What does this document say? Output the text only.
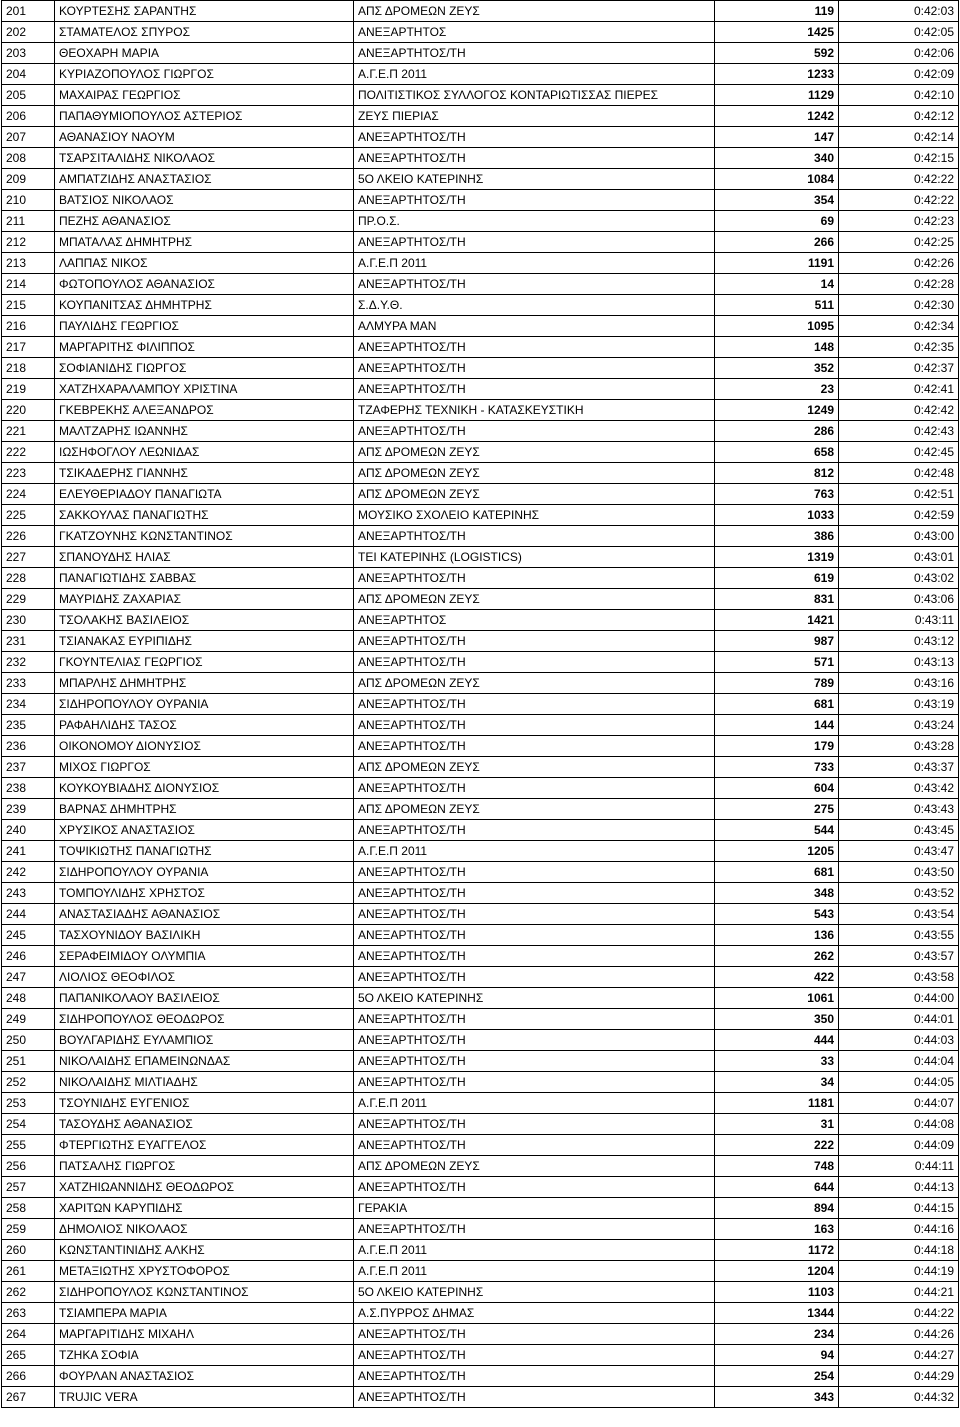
201	ΚΟΥΡΤΕΣΗΣ ΣΑΡΑΝΤΗΣ	ΑΠΣ ΔΡΟΜΕΩΝ ΖΕΥΣ	119	0:42:03
202	ΣΤΑΜΑΤΕΛΟΣ ΣΠΥΡΟΣ	ΑΝΕΞΑΡΤΗΤΟΣ	1425	0:42:05
203	ΘΕΟΧΑΡΗ ΜΑΡΙΑ	ΑΝΕΞΑΡΤΗΤΟΣ/ΤΗ	592	0:42:06
204	ΚΥΡΙΑΖΟΠΟΥΛΟΣ ΓΙΩΡΓΟΣ	Α.Γ.Ε.Π 2011	1233	0:42:09
205	ΜΑΧΑΙΡΑΣ ΓΕΩΡΓΙΟΣ	ΠΟΛΙΤΙΣΤΙΚΟΣ ΣΥΛΛΟΓΟΣ ΚΟΝΤΑΡΙΩΤΙΣΣΑΣ ΠΙΕΡΕΣ	1129	0:42:10
206	ΠΑΠΑΘΥΜΙΟΠΟΥΛΟΣ ΑΣΤΕΡΙΟΣ	ΖΕΥΣ ΠΙΕΡΙΑΣ	1242	0:42:12
207	ΑΘΑΝΑΣΙΟΥ ΝΑΟΥΜ	ΑΝΕΞΑΡΤΗΤΟΣ/ΤΗ	147	0:42:14
208	ΤΣΑΡΣΙΤΑΛΙΔΗΣ ΝΙΚΟΛΑΟΣ	ΑΝΕΞΑΡΤΗΤΟΣ/ΤΗ	340	0:42:15
209	ΑΜΠΑΤΖΙΔΗΣ ΑΝΑΣΤΑΣΙΟΣ	5Ο ΛΚΕΙΟ ΚΑΤΕΡΙΝΗΣ	1084	0:42:22
210	ΒΑΤΣΙΟΣ ΝΙΚΟΛΑΟΣ	ΑΝΕΞΑΡΤΗΤΟΣ/ΤΗ	354	0:42:22
211	ΠΕΖΗΣ ΑΘΑΝΑΣΙΟΣ	ΠΡ.Ο.Σ.	69	0:42:23
212	ΜΠΑΤΑΛΑΣ ΔΗΜΗΤΡΗΣ	ΑΝΕΞΑΡΤΗΤΟΣ/ΤΗ	266	0:42:25
213	ΛΑΠΠΑΣ ΝΙΚΟΣ	Α.Γ.Ε.Π 2011	1191	0:42:26
214	ΦΩΤΟΠΟΥΛΟΣ ΑΘΑΝΑΣΙΟΣ	ΑΝΕΞΑΡΤΗΤΟΣ/ΤΗ	14	0:42:28
215	ΚΟΥΠΑΝΙΤΣΑΣ ΔΗΜΗΤΡΗΣ	Σ.Δ.Υ.Θ.	511	0:42:30
216	ΠΑΥΛΙΔΗΣ ΓΕΩΡΓΙΟΣ	ΑΛΜΥΡΑ ΜΑΝ	1095	0:42:34
217	ΜΑΡΓΑΡΙΤΗΣ ΦΙΛΙΠΠΟΣ	ΑΝΕΞΑΡΤΗΤΟΣ/ΤΗ	148	0:42:35
218	ΣΟΦΙΑΝΙΔΗΣ ΓΙΩΡΓΟΣ	ΑΝΕΞΑΡΤΗΤΟΣ/ΤΗ	352	0:42:37
219	ΧΑΤΖΗΧΑΡΑΛΑΜΠΟΥ ΧΡΙΣΤΙΝΑ	ΑΝΕΞΑΡΤΗΤΟΣ/ΤΗ	23	0:42:41
220	ΓΚΕΒΡΕΚΗΣ ΑΛΕΞΑΝΔΡΟΣ	ΤΖΑΦΕΡΗΣ ΤΕΧΝΙΚΗ - ΚΑΤΑΣΚΕΥΣΤΙΚΗ	1249	0:42:42
221	ΜΑΛΤΖΑΡΗΣ ΙΩΑΝΝΗΣ	ΑΝΕΞΑΡΤΗΤΟΣ/ΤΗ	286	0:42:43
222	ΙΩΣΗΦΟΓΛΟΥ ΛΕΩΝΙΔΑΣ	ΑΠΣ ΔΡΟΜΕΩΝ ΖΕΥΣ	658	0:42:45
223	ΤΣΙΚΑΔΕΡΗΣ ΓΙΑΝΝΗΣ	ΑΠΣ ΔΡΟΜΕΩΝ ΖΕΥΣ	812	0:42:48
224	ΕΛΕΥΘΕΡΙΑΔΟΥ ΠΑΝΑΓΙΩΤΑ	ΑΠΣ ΔΡΟΜΕΩΝ ΖΕΥΣ	763	0:42:51
225	ΣΑΚΚΟΥΛΑΣ ΠΑΝΑΓΙΩΤΗΣ	ΜΟΥΣΙΚΟ ΣΧΟΛΕΙΟ ΚΑΤΕΡΙΝΗΣ	1033	0:42:59
226	ΓΚΑΤΖΟΥΝΗΣ ΚΩΝΣΤΑΝΤΙΝΟΣ	ΑΝΕΞΑΡΤΗΤΟΣ/ΤΗ	386	0:43:00
227	ΣΠΑΝΟΥΔΗΣ ΗΛΙΑΣ	ΤΕΙ ΚΑΤΕΡΙΝΗΣ (LOGISTICS)	1319	0:43:01
228	ΠΑΝΑΓΙΩΤΙΔΗΣ ΣΑΒΒΑΣ	ΑΝΕΞΑΡΤΗΤΟΣ/ΤΗ	619	0:43:02
229	ΜΑΥΡΙΔΗΣ ΖΑΧΑΡΙΑΣ	ΑΠΣ ΔΡΟΜΕΩΝ ΖΕΥΣ	831	0:43:06
230	ΤΣΟΛΑΚΗΣ ΒΑΣΙΛΕΙΟΣ	ΑΝΕΞΑΡΤΗΤΟΣ	1421	0:43:11
231	ΤΣΙΑΝΑΚΑΣ ΕΥΡΙΠΙΔΗΣ	ΑΝΕΞΑΡΤΗΤΟΣ/ΤΗ	987	0:43:12
232	ΓΚΟΥΝΤΕΛΙΑΣ ΓΕΩΡΓΙΟΣ	ΑΝΕΞΑΡΤΗΤΟΣ/ΤΗ	571	0:43:13
233	ΜΠΑΡΛΗΣ ΔΗΜΗΤΡΗΣ	ΑΠΣ ΔΡΟΜΕΩΝ ΖΕΥΣ	789	0:43:16
234	ΣΙΔΗΡΟΠΟΥΛΟΥ ΟΥΡΑΝΙΑ	ΑΝΕΞΑΡΤΗΤΟΣ/ΤΗ	681	0:43:19
235	ΡΑΦΑΗΛΙΔΗΣ ΤΑΣΟΣ	ΑΝΕΞΑΡΤΗΤΟΣ/ΤΗ	144	0:43:24
236	ΟΙΚΟΝΟΜΟΥ ΔΙΟΝΥΣΙΟΣ	ΑΝΕΞΑΡΤΗΤΟΣ/ΤΗ	179	0:43:28
237	ΜΙΧΟΣ ΓΙΩΡΓΟΣ	ΑΠΣ ΔΡΟΜΕΩΝ ΖΕΥΣ	733	0:43:37
238	ΚΟΥΚΟΥΒΙΑΔΗΣ ΔΙΟΝΥΣΙΟΣ	ΑΝΕΞΑΡΤΗΤΟΣ/ΤΗ	604	0:43:42
239	ΒΑΡΝΑΣ ΔΗΜΗΤΡΗΣ	ΑΠΣ ΔΡΟΜΕΩΝ ΖΕΥΣ	275	0:43:43
240	ΧΡΥΣΙΚΟΣ ΑΝΑΣΤΑΣΙΟΣ	ΑΝΕΞΑΡΤΗΤΟΣ/ΤΗ	544	0:43:45
241	ΤΟΨΙΚΙΩΤΗΣ ΠΑΝΑΓΙΩΤΗΣ	Α.Γ.Ε.Π 2011	1205	0:43:47
242	ΣΙΔΗΡΟΠΟΥΛΟΥ ΟΥΡΑΝΙΑ	ΑΝΕΞΑΡΤΗΤΟΣ/ΤΗ	681	0:43:50
243	ΤΟΜΠΟΥΛΙΔΗΣ ΧΡΗΣΤΟΣ	ΑΝΕΞΑΡΤΗΤΟΣ/ΤΗ	348	0:43:52
244	ΑΝΑΣΤΑΣΙΑΔΗΣ ΑΘΑΝΑΣΙΟΣ	ΑΝΕΞΑΡΤΗΤΟΣ/ΤΗ	543	0:43:54
245	ΤΑΣΧΟΥΝΙΔΟΥ ΒΑΣΙΛΙΚΗ	ΑΝΕΞΑΡΤΗΤΟΣ/ΤΗ	136	0:43:55
246	ΣΕΡΑΦΕΙΜΙΔΟΥ ΟΛΥΜΠΙΑ	ΑΝΕΞΑΡΤΗΤΟΣ/ΤΗ	262	0:43:57
247	ΛΙΟΛΙΟΣ ΘΕΟΦΙΛΟΣ	ΑΝΕΞΑΡΤΗΤΟΣ/ΤΗ	422	0:43:58
248	ΠΑΠΑΝΙΚΟΛΑΟΥ ΒΑΣΙΛΕΙΟΣ	5Ο ΛΚΕΙΟ ΚΑΤΕΡΙΝΗΣ	1061	0:44:00
249	ΣΙΔΗΡΟΠΟΥΛΟΣ ΘΕΟΔΩΡΟΣ	ΑΝΕΞΑΡΤΗΤΟΣ/ΤΗ	350	0:44:01
250	ΒΟΥΛΓΑΡΙΔΗΣ ΕΥΛΑΜΠΙΟΣ	ΑΝΕΞΑΡΤΗΤΟΣ/ΤΗ	444	0:44:03
251	ΝΙΚΟΛΑΙΔΗΣ ΕΠΑΜΕΙΝΩΝΔΑΣ	ΑΝΕΞΑΡΤΗΤΟΣ/ΤΗ	33	0:44:04
252	ΝΙΚΟΛΑΙΔΗΣ ΜΙΛΤΙΑΔΗΣ	ΑΝΕΞΑΡΤΗΤΟΣ/ΤΗ	34	0:44:05
253	ΤΣΟΥΝΙΔΗΣ ΕΥΓΕΝΙΟΣ	Α.Γ.Ε.Π 2011	1181	0:44:07
254	ΤΑΣΟΥΔΗΣ ΑΘΑΝΑΣΙΟΣ	ΑΝΕΞΑΡΤΗΤΟΣ/ΤΗ	31	0:44:08
255	ΦΤΕΡΓΙΩΤΗΣ ΕΥΑΓΓΕΛΟΣ	ΑΝΕΞΑΡΤΗΤΟΣ/ΤΗ	222	0:44:09
256	ΠΑΤΣΑΛΗΣ ΓΙΩΡΓΟΣ	ΑΠΣ ΔΡΟΜΕΩΝ ΖΕΥΣ	748	0:44:11
257	ΧΑΤΖΗΙΩΑΝΝΙΔΗΣ ΘΕΟΔΩΡΟΣ	ΑΝΕΞΑΡΤΗΤΟΣ/ΤΗ	644	0:44:13
258	ΧΑΡΙΤΩΝ ΚΑΡΥΠΙΔΗΣ	ΓΕΡΑΚΙΑ	894	0:44:15
259	ΔΗΜΟΛΙΟΣ ΝΙΚΟΛΑΟΣ	ΑΝΕΞΑΡΤΗΤΟΣ/ΤΗ	163	0:44:16
260	ΚΩΝΣΤΑΝΤΙΝΙΔΗΣ ΑΛΚΗΣ	Α.Γ.Ε.Π 2011	1172	0:44:18
261	ΜΕΤΑΞΙΩΤΗΣ ΧΡΥΣΤΟΦΟΡΟΣ	Α.Γ.Ε.Π 2011	1204	0:44:19
262	ΣΙΔΗΡΟΠΟΥΛΟΣ ΚΩΝΣΤΑΝΤΙΝΟΣ	5Ο ΛΚΕΙΟ ΚΑΤΕΡΙΝΗΣ	1103	0:44:21
263	ΤΣΙΑΜΠΕΡΑ ΜΑΡΙΑ	Α.Σ.ΠΥΡΡΟΣ ΔΗΜΑΣ	1344	0:44:22
264	ΜΑΡΓΑΡΙΤΙΔΗΣ ΜΙΧΑΗΛ	ΑΝΕΞΑΡΤΗΤΟΣ/ΤΗ	234	0:44:26
265	ΤΖΗΚΑ ΣΟΦΙΑ	ΑΝΕΞΑΡΤΗΤΟΣ/ΤΗ	94	0:44:27
266	ΦΟΥΡΛΑΝ ΑΝΑΣΤΑΣΙΟΣ	ΑΝΕΞΑΡΤΗΤΟΣ/ΤΗ	254	0:44:29
267	TRUJIC VERA	ΑΝΕΞΑΡΤΗΤΟΣ/ΤΗ	343	0:44:32
